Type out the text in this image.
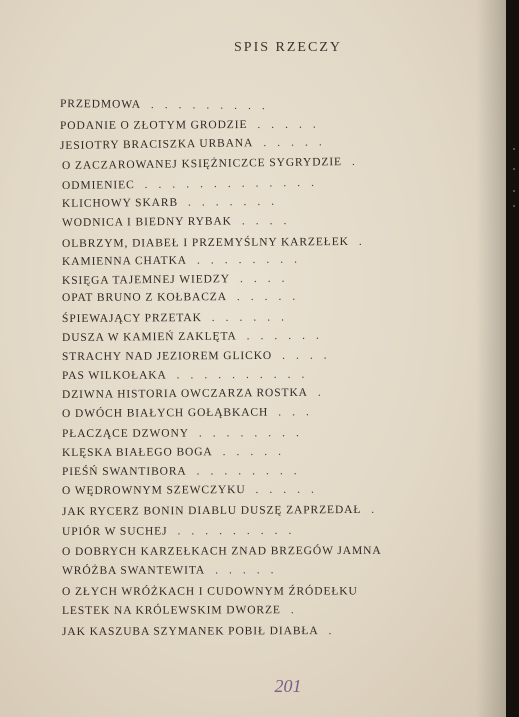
SPIS RZECZY
PRZEDMOWA .........
PODANIE O ZŁOTYM GRODZIE .....
JESIOTRY BRACISZKA URBANA .....
O ZACZAROWANEJ KSIĘŻNICZCE SYGRYDZIE .
ODMIENIEC .............
KLICHOWY SKARB .......
WODNICA I BIEDNY RYBAK ....
OLBRZYM, DIABEŁ I PRZEMYŚLNY KARZEŁEK .
KAMIENNA CHATKA ........
KSIĘGA TAJEMNEJ WIEDZY ....
OPAT BRUNO Z KOŁBACZA .....
ŚPIEWAJĄCY PRZETAK ......
DUSZA W KAMIEŃ ZAKLĘTA ......
STRACHY NAD JEZIOREM GLICKO ....
PAS WILKOŁAKA ..........
DZIWNA HISTORIA OWCZARZA ROSTKA .
O DWÓCH BIAŁYCH GOŁĄBKACH ...
PŁACZĄCE DZWONY ........
KLĘSKA BIAŁEGO BOGA .....
PIEŚŃ SWANTIBORA ........
O WĘDROWNYM SZEWCZYKU .....
JAK RYCERZ BONIN DIABLU DUSZĘ ZAPRZEDAŁ .
UPIÓR W SUCHEJ .........
O DOBRYCH KARZEŁKACH ZNAD BRZEGÓW JAMNA
WRÓŻBA SWANTEWITA .....
O ZŁYCH WRÓŻKACH I CUDOWNYM ŹRÓDEŁKU
LESTEK NA KRÓLEWSKIM DWORZE .
JAK KASZUBA SZYMANEK POBIŁ DIABŁA .
201
